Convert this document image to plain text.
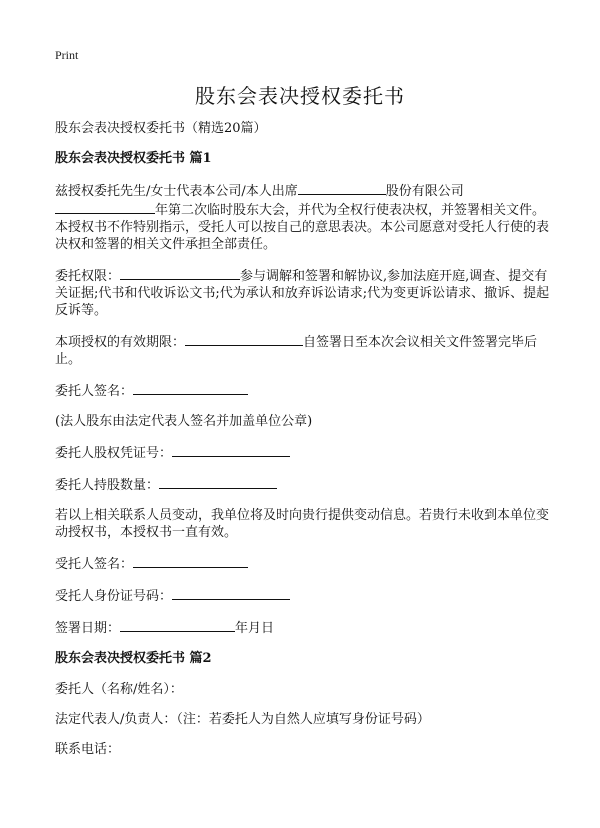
Print
股东会表决授权委托书

股东会表决授权委托书（精选20篇）

股东会表决授权委托书 篇1

兹授权委托先生/女士代表本公司/本人出席	股份有限公司
年第二次临时股东大会，并代为全权行使表决权，并签署相关文件。本授权书不作特别指示，受托人可以按自己的意思表决。本公司愿意对受托人行使的表决权和签署的相关文件承担全部责任。

委托权限：	参与调解和签署和解协议,参加法庭开庭,调查、提交有关证据;代书和代收诉讼文书;代为承认和放弃诉讼请求;代为变更诉讼请求、撤诉、提起反诉等。

本项授权的有效期限：	自签署日至本次会议相关文件签署完毕后止。

委托人签名：

(法人股东由法定代表人签名并加盖单位公章)

委托人股权凭证号：

委托人持股数量：

若以上相关联系人员变动，我单位将及时向贵行提供变动信息。若贵行未收到本单位变动授权书，本授权书一直有效。

受托人签名：

受托人身份证号码：

签署日期：	年月日

股东会表决授权委托书 篇2

委托人（名称/姓名）：

法定代表人/负责人：（注：若委托人为自然人应填写身份证号码）

联系电话：
